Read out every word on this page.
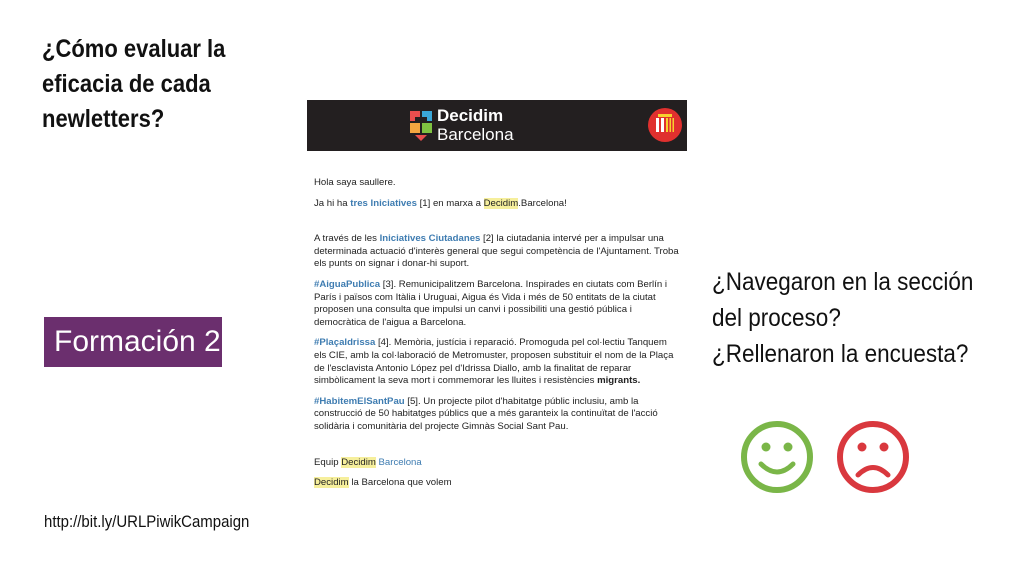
¿Cómo evaluar la eficacia de cada newletters?	Decidim
Barcelona

Hola saya saullere.

Ja hi ha tres Iniciatives [1] en marxa a Decidim.Barcelona!

A través de les Iniciatives Ciutadanes [2] la ciutadania intervé per a impulsar una determinada actuació d'interès general que segui competència de l'Ajuntament. Troba els punts on signar i donar-hi suport.

#AiguaPublica [3]. Remunicipalitzem Barcelona. Inspirades en ciutats com Berlín i París i països com Itàlia i Uruguai, Aigua és Vida i més de 50 entitats de la ciutat proposen una consulta que impulsi un canvi i possibiliti una gestió pública i democràtica de l'aigua a Barcelona.

#Plaçaldrissa [4]. Memòria, justícia i reparació. Promoguda pel col·lectiu Tanquem els CIE, amb la col·laboració de Metromuster, proposen substituir el nom de la Plaça de l'esclavista Antonio López pel d'Idrissa Diallo, amb la finalitat de reparar simbòlicament la seva mort i commemorar les lluites i resistències migrants.

#HabitemElSantPau [5]. Un projecte pilot d'habitatge públic inclusiu, amb la construcció de 50 habitatges públics que a més garanteix la continuïtat de l'acció solidària i comunitària del projecte Gimnàs Social Sant Pau.

Equip Decidim Barcelona

Decidim la Barcelona que volem

Formación 2
http://bit.ly/URLPiwikCampaign
¿Navegaron en la sección del proceso?
¿Rellenaron la encuesta?
